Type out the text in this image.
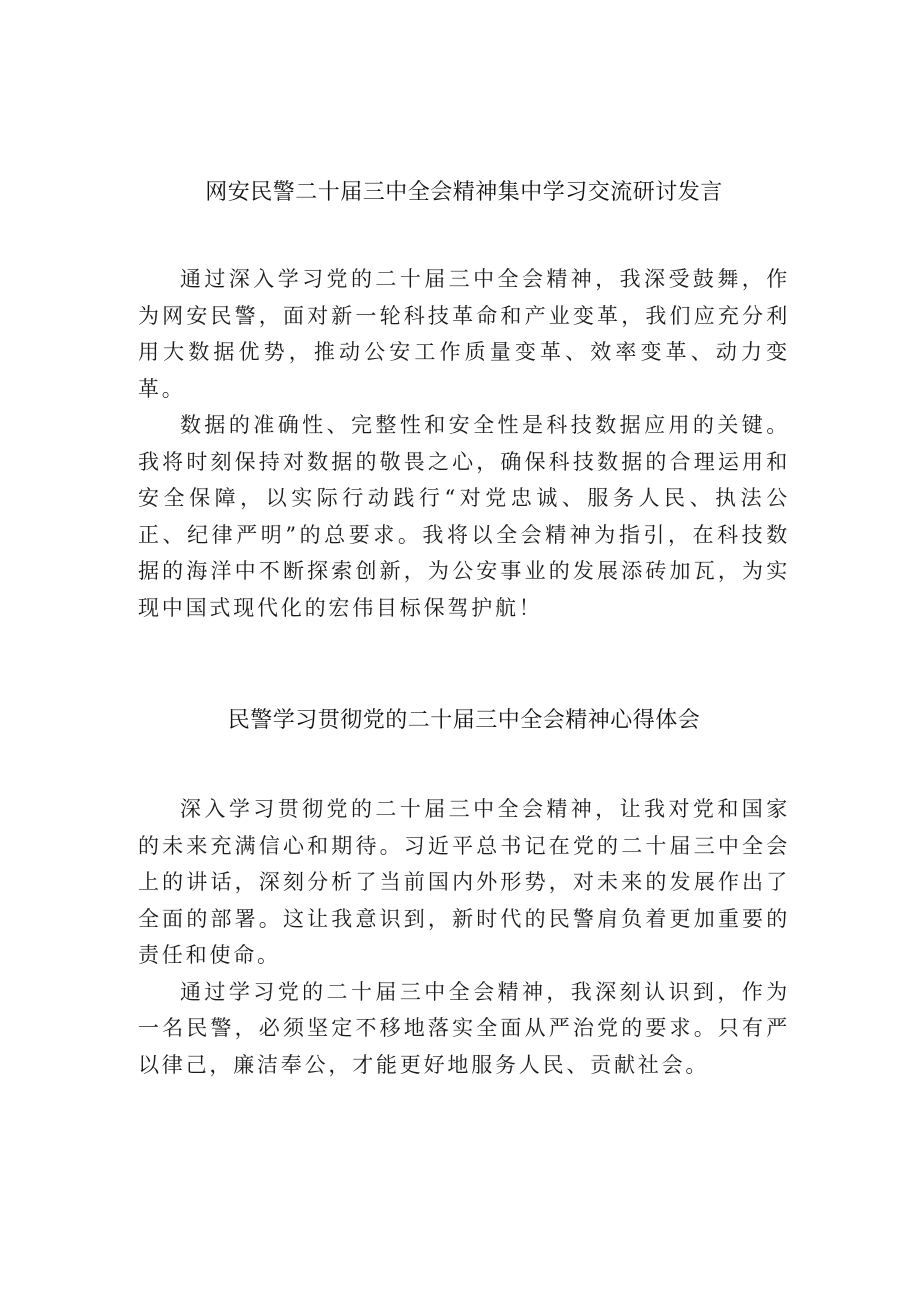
网安民警二十届三中全会精神集中学习交流研讨发言

通过深入学习党的二十届三中全会精神，我深受鼓舞，作为网安民警，面对新一轮科技革命和产业变革，我们应充分利用大数据优势，推动公安工作质量变革、效率变革、动力变革。

数据的准确性、完整性和安全性是科技数据应用的关键。我将时刻保持对数据的敬畏之心，确保科技数据的合理运用和安全保障，以实际行动践行“对党忠诚、服务人民、执法公正、纪律严明”的总要求。我将以全会精神为指引，在科技数据的海洋中不断探索创新，为公安事业的发展添砖加瓦，为实现中国式现代化的宏伟目标保驾护航！

民警学习贯彻党的二十届三中全会精神心得体会

深入学习贯彻党的二十届三中全会精神，让我对党和国家的未来充满信心和期待。习近平总书记在党的二十届三中全会上的讲话，深刻分析了当前国内外形势，对未来的发展作出了全面的部署。这让我意识到，新时代的民警肩负着更加重要的责任和使命。

通过学习党的二十届三中全会精神，我深刻认识到，作为一名民警，必须坚定不移地落实全面从严治党的要求。只有严以律己，廉洁奉公，才能更好地服务人民、贡献社会。
